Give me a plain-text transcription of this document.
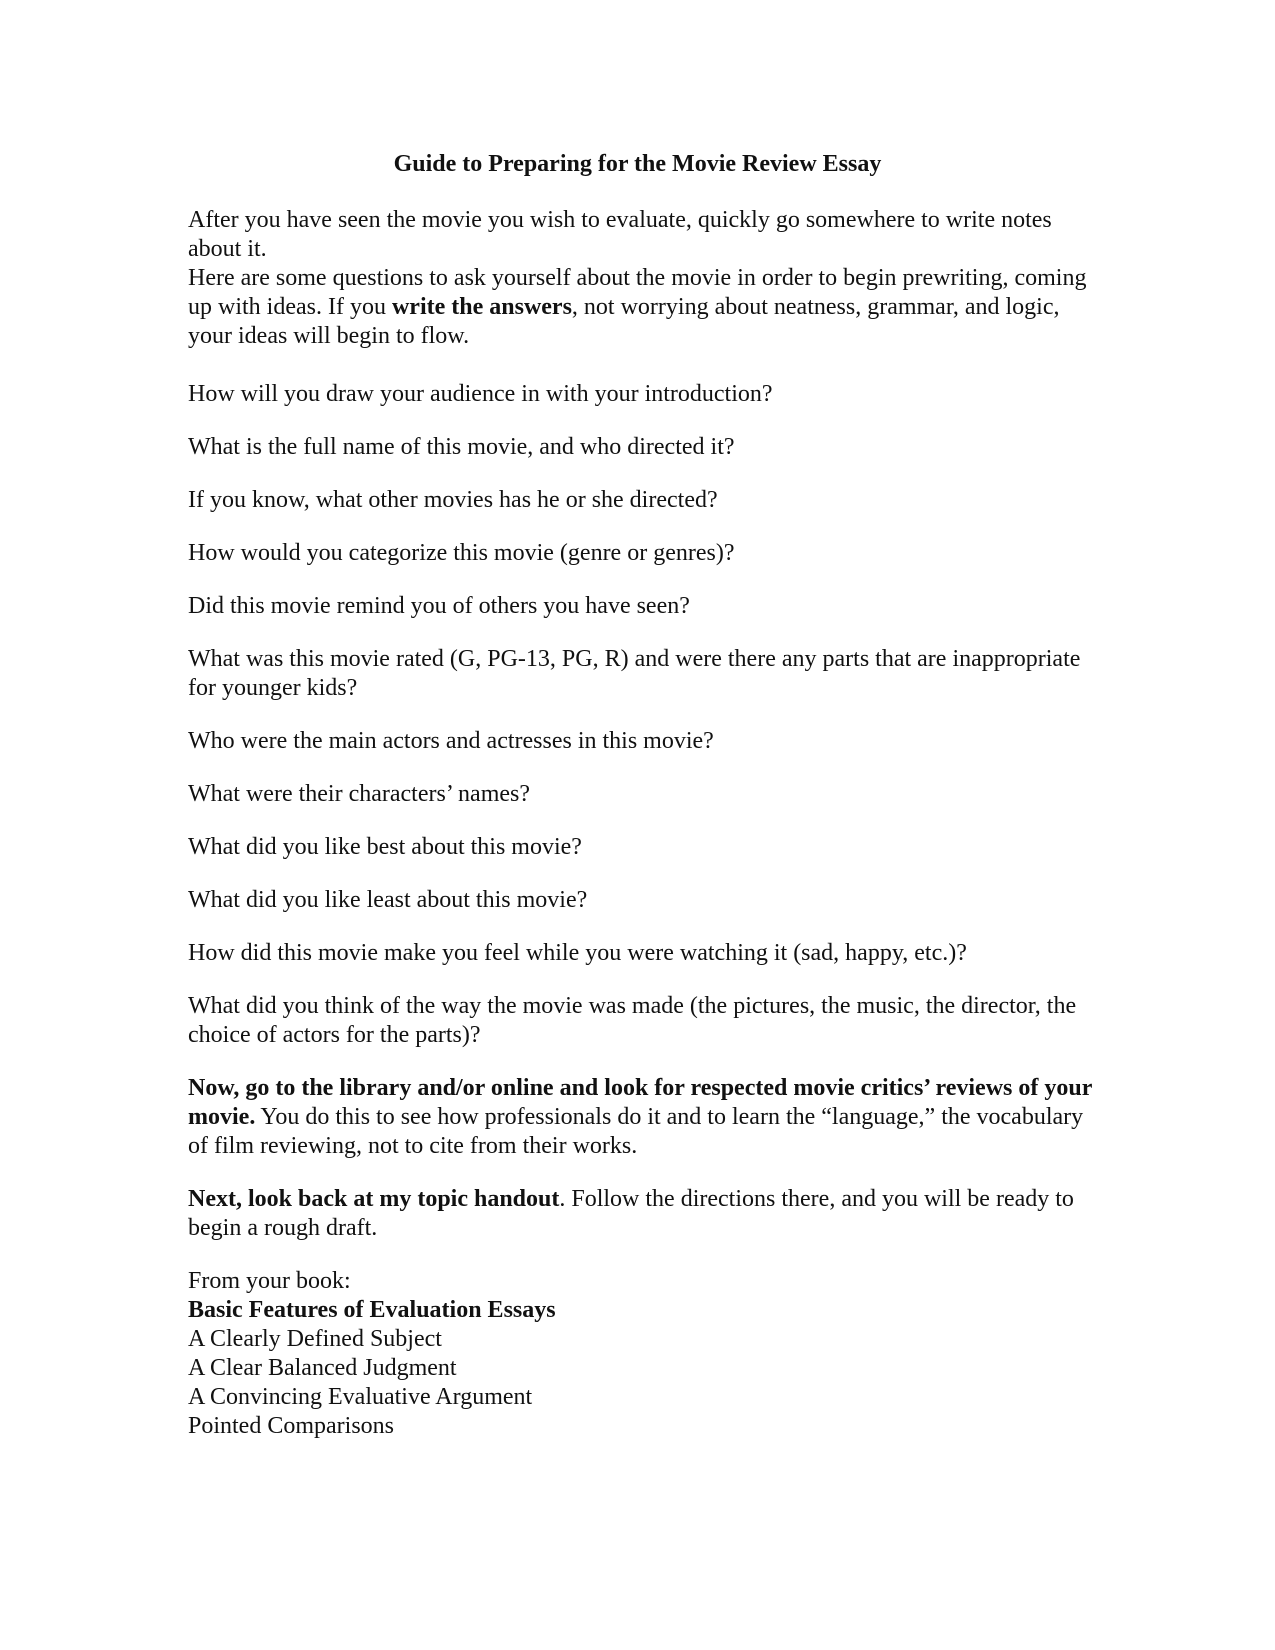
Guide to Preparing for the Movie Review Essay

After you have seen the movie you wish to evaluate, quickly go somewhere to write notes about it.

Here are some questions to ask yourself about the movie in order to begin prewriting, coming up with ideas. If you write the answers, not worrying about neatness, grammar, and logic, your ideas will begin to flow.

How will you draw your audience in with your introduction?

What is the full name of this movie, and who directed it?

If you know, what other movies has he or she directed?

How would you categorize this movie (genre or genres)?

Did this movie remind you of others you have seen?

What was this movie rated (G, PG-13, PG, R) and were there any parts that are inappropriate for younger kids?

Who were the main actors and actresses in this movie?

What were their characters’ names?

What did you like best about this movie?

What did you like least about this movie?

How did this movie make you feel while you were watching it (sad, happy, etc.)?

What did you think of the way the movie was made (the pictures, the music, the director, the choice of actors for the parts)?

Now, go to the library and/or online and look for respected movie critics’ reviews of your movie. You do this to see how professionals do it and to learn the “language,” the vocabulary of film reviewing, not to cite from their works.

Next, look back at my topic handout. Follow the directions there, and you will be ready to begin a rough draft.

From your book:

Basic Features of Evaluation Essays

A Clearly Defined Subject

A Clear Balanced Judgment

A Convincing Evaluative Argument

Pointed Comparisons
